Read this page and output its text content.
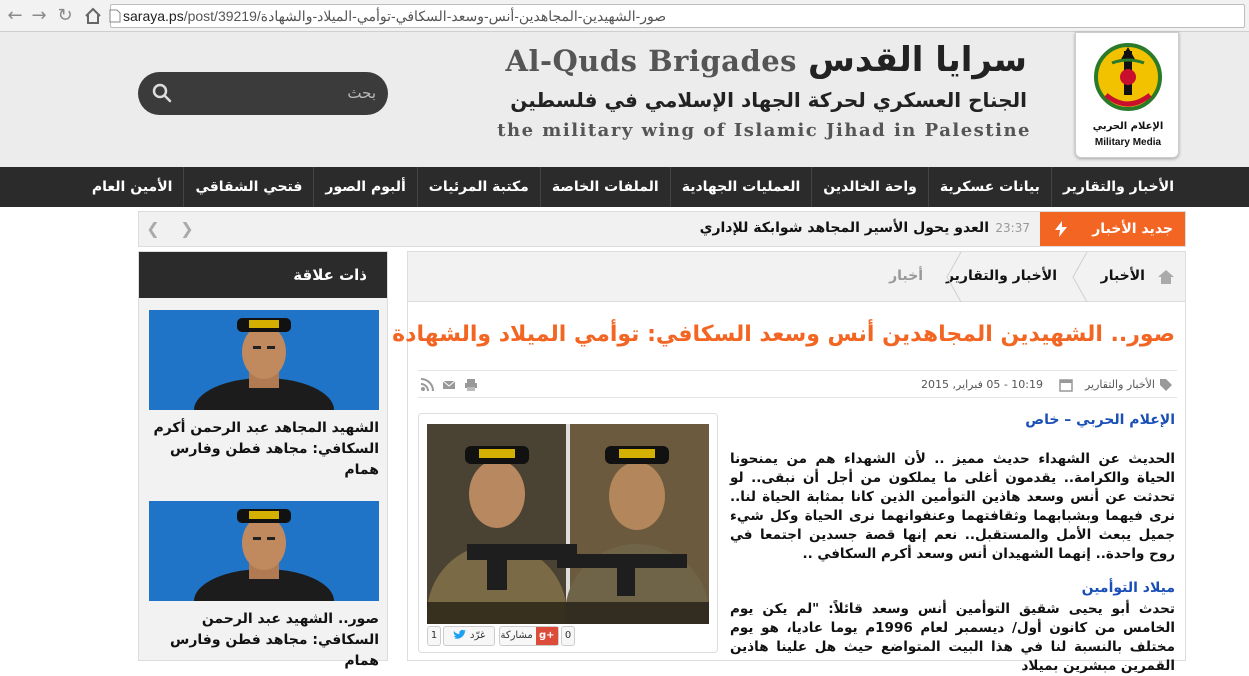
← → ↻	saraya.ps/post/39219/صور-الشهيدين-المجاهدين-أنس-وسعد-السكافي-توأمي-الميلاد-والشهادة
الإعلام الحربي
Military Media
Al-Quds Brigades سرايا القدس
الجناح العسكري لحركة الجهاد الإسلامي في فلسطين
the military wing of Islamic Jihad in Palestine
بحث
الأخبار والتقارير
بيانات عسكرية
واحة الخالدين
العمليات الجهادية
الملفات الخاصة
مكتبة المرئيات
ألبوم الصور
فتحي الشقاقي
الأمين العام
جديد الأخبار
23:37
العدو يحول الأسير المجاهد شوابكة للإداري
❮ ❯
ذات علاقة
الشهيد المجاهد عبد الرحمن أكرم السكافي: مجاهد فطن وفارس همام
صور.. الشهيد عبد الرحمن السكافي: مجاهد فطن وفارس همام
الأخبار
الأخبار والتقارير
أخبار
صور.. الشهيدين المجاهدين أنس وسعد السكافي: توأمي الميلاد والشهادة
الأخبار والتقارير
10:19 - 05 فبراير, 2015
1	غرّد	مشاركة g+	0
الإعلام الحربي – خاص
الحديث عن الشهداء حديث مميز .. لأن الشهداء هم من يمنحونا الحياة والكرامة.. يقدمون أغلى ما يملكون من أجل أن نبقى.. لو تحدثت عن أنس وسعد هاذين التوأمين الذين كانا بمثابة الحياة لنا.. نرى فيهما وبشبابهما وثقافتهما وعنفوانهما نرى الحياة وكل شيء جميل يبعث الأمل والمستقبل.. نعم إنها قصة جسدين اجتمعا في روح واحدة.. إنهما الشهيدان أنس وسعد أكرم السكافي ..
ميلاد التوأمين
تحدث أبو يحيى شقيق التوأمين أنس وسعد قائلاً: "لم يكن يوم الخامس من كانون أول/ ديسمبر لعام 1996م يوما عاديا، هو يوم مختلف بالنسبة لنا في هذا البيت المتواضع حيث هل علينا هاذين القمرين مبشرين بميلاد
